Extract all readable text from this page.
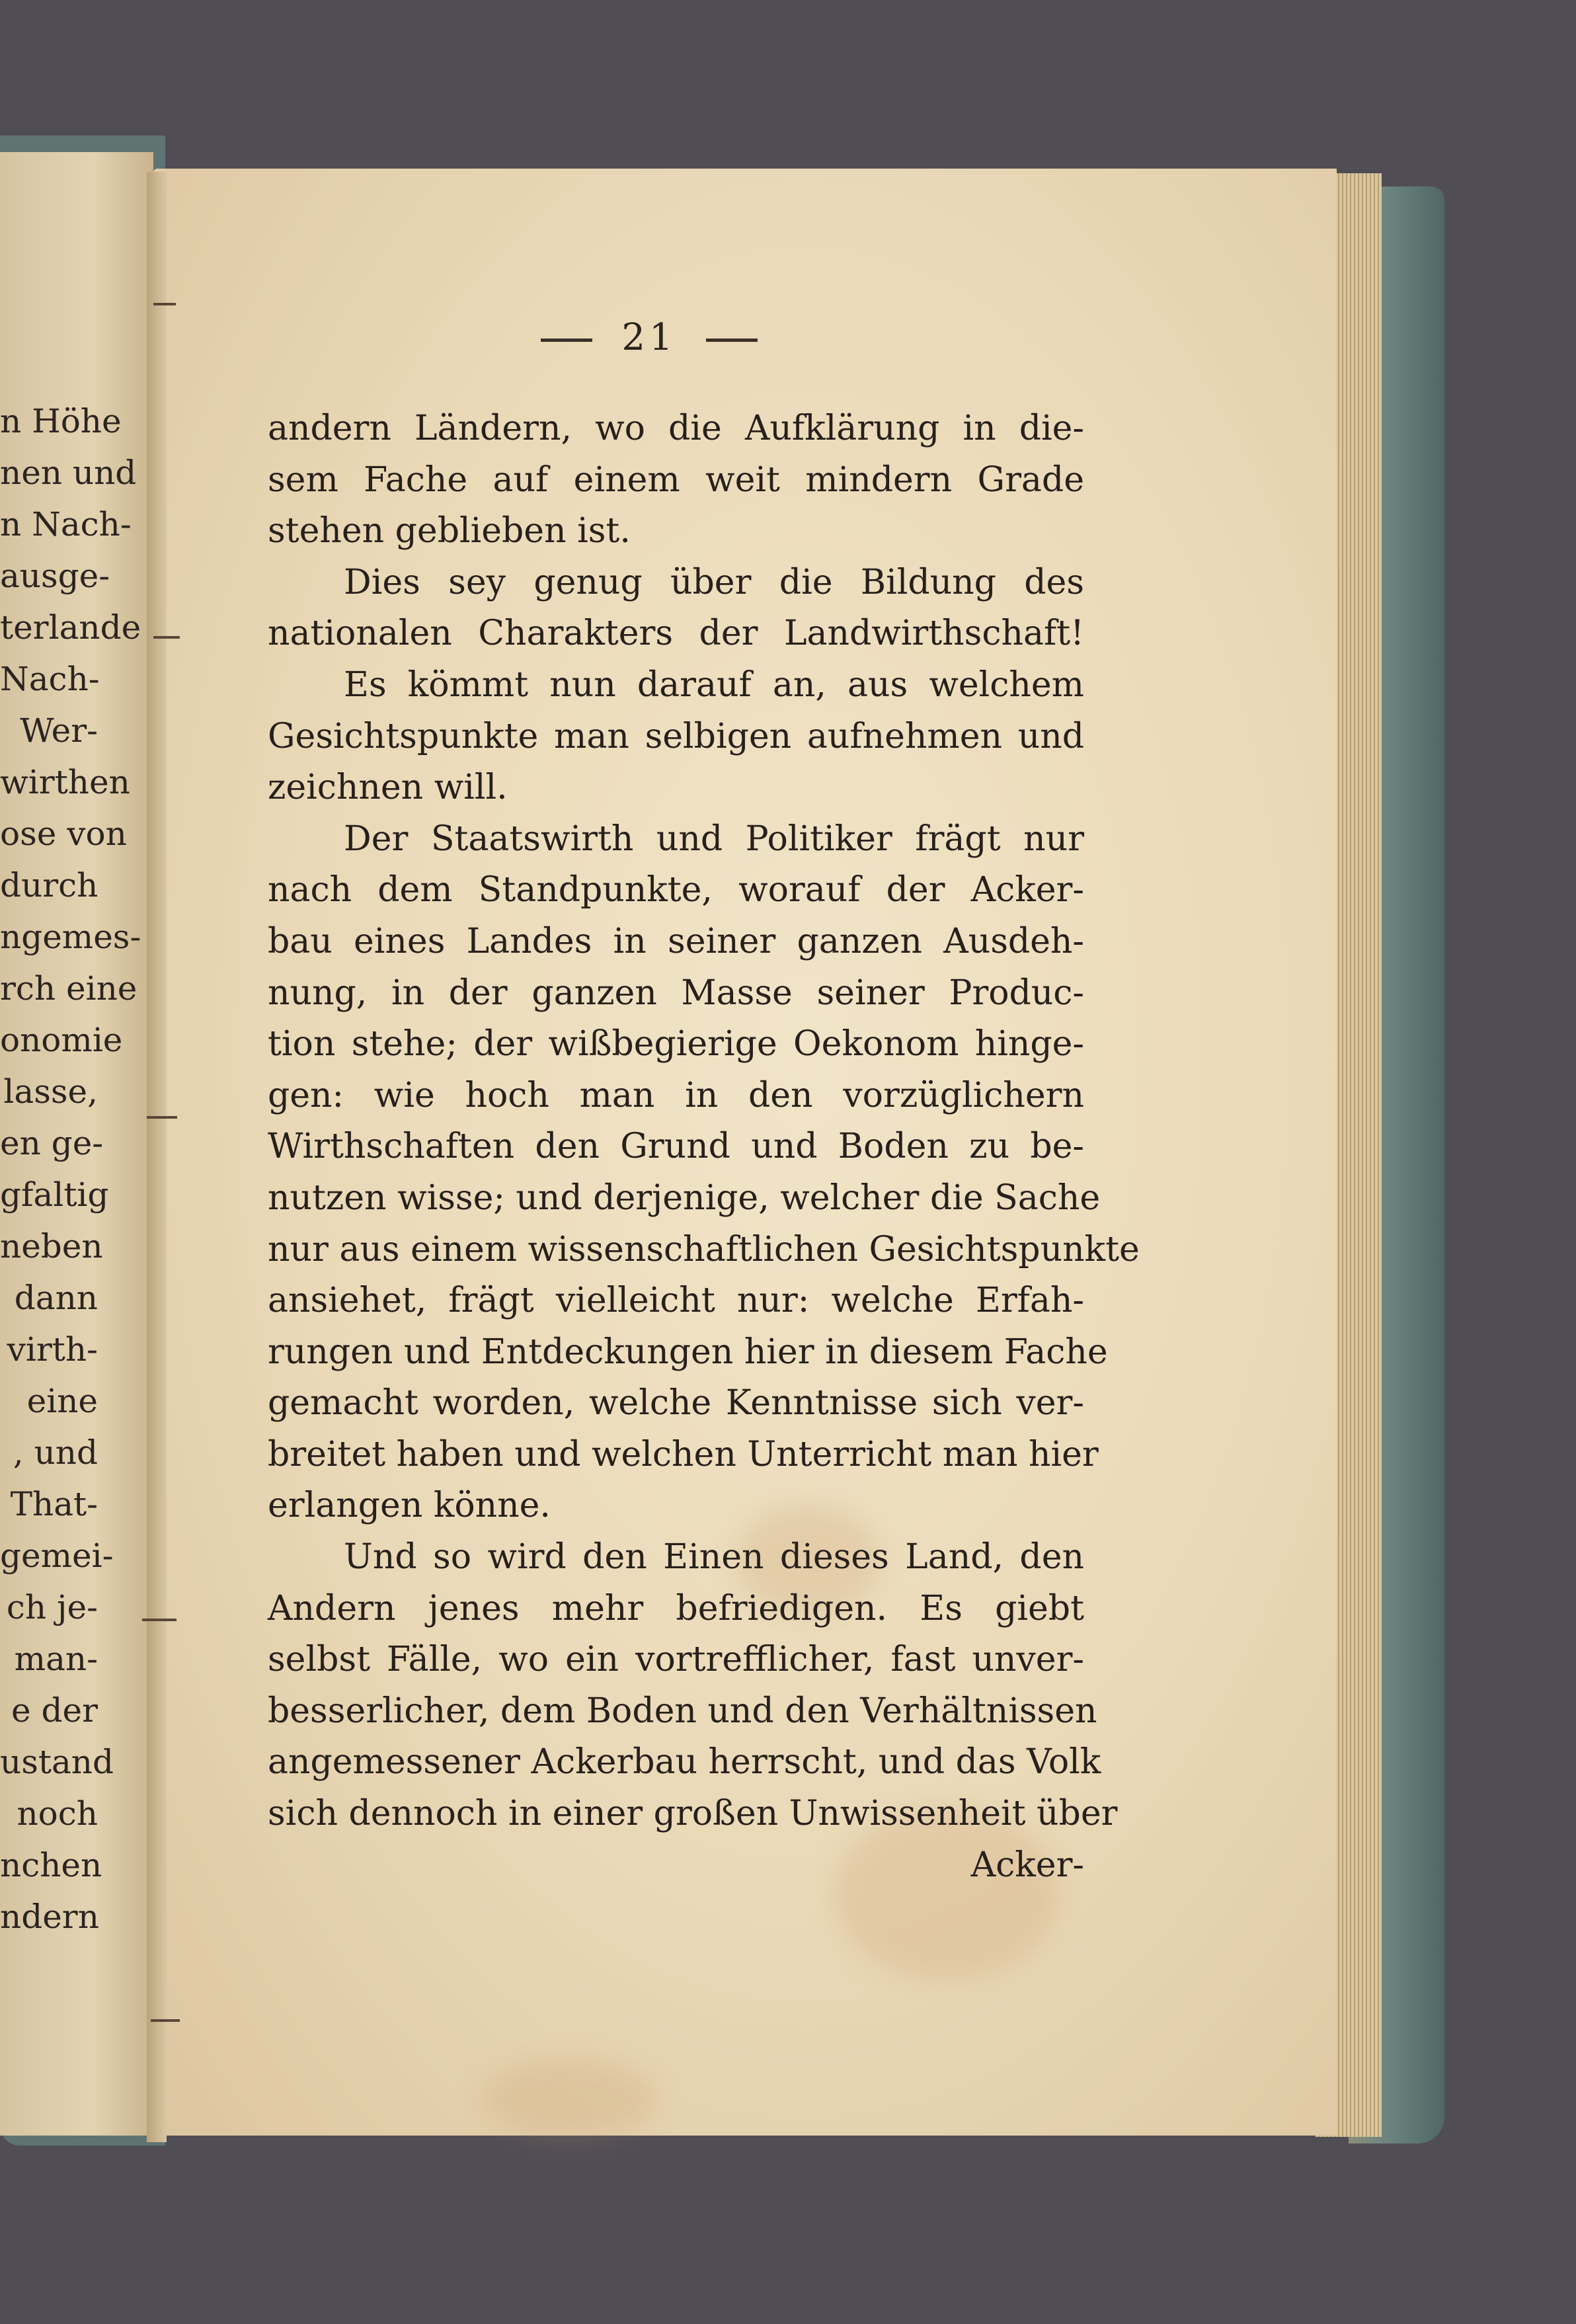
n Höhe
nen und
n Nach-
ausge-
terlande
Nach-
Wer-
wirthen
ose von
durch
ngemes-
rch eine
onomie
lasse,
en ge-
gfaltig
neben
dann
virth-
eine
, und
That-
gemei-
ch je-
man-
e der
ustand
noch
nchen
ndern
21
andern Ländern, wo die Aufklärung in die-
sem Fache auf einem weit mindern Grade
stehen geblieben ist.
Dies sey genug über die Bildung des
nationalen Charakters der Landwirthschaft!
Es kömmt nun darauf an, aus welchem
Gesichtspunkte man selbigen aufnehmen und
zeichnen will.
Der Staatswirth und Politiker frägt nur
nach dem Standpunkte, worauf der Acker-
bau eines Landes in seiner ganzen Ausdeh-
nung, in der ganzen Masse seiner Produc-
tion stehe; der wißbegierige Oekonom hinge-
gen: wie hoch man in den vorzüglichern
Wirthschaften den Grund und Boden zu be-
nutzen wisse; und derjenige, welcher die Sache
nur aus einem wissenschaftlichen Gesichtspunkte
ansiehet, frägt vielleicht nur: welche Erfah-
rungen und Entdeckungen hier in diesem Fache
gemacht worden, welche Kenntnisse sich ver-
breitet haben und welchen Unterricht man hier
erlangen könne.
Und so wird den Einen dieses Land, den
Andern jenes mehr befriedigen. Es giebt
selbst Fälle, wo ein vortrefflicher, fast unver-
besserlicher, dem Boden und den Verhältnissen
angemessener Ackerbau herrscht, und das Volk
sich dennoch in einer großen Unwissenheit über
Acker-
